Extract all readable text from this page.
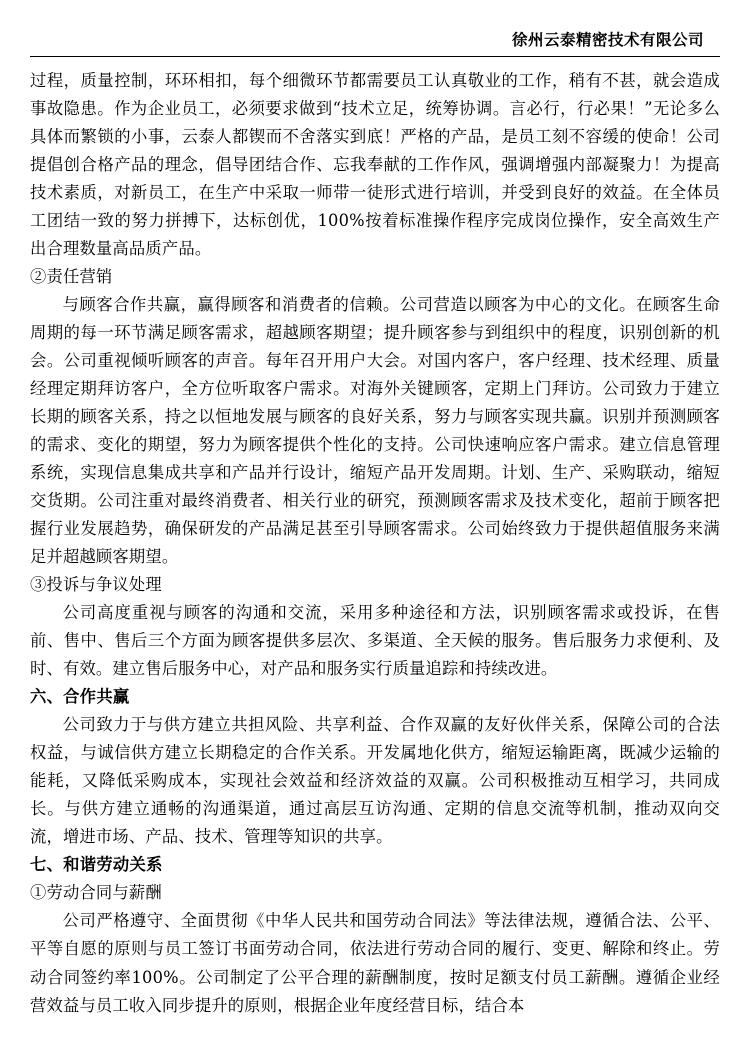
徐州云泰精密技术有限公司

过程，质量控制，环环相扣，每个细微环节都需要员工认真敬业的工作，稍有不甚，就会造成事故隐患。作为企业员工，必须要求做到“技术立足，统筹协调。言必行，行必果！”无论多么具体而繁锁的小事，云泰人都锲而不舍落实到底！严格的产品，是员工刻不容缓的使命！公司提倡创合格产品的理念，倡导团结合作、忘我奉献的工作作风，强调增强内部凝聚力！为提高技术素质，对新员工，在生产中采取一师带一徒形式进行培训，并受到良好的效益。在全体员工团结一致的努力拼搏下，达标创优，100%按着标准操作程序完成岗位操作，安全高效生产出合理数量高品质产品。

②责任营销

与顾客合作共赢，赢得顾客和消费者的信赖。公司营造以顾客为中心的文化。在顾客生命周期的每一环节满足顾客需求，超越顾客期望；提升顾客参与到组织中的程度，识别创新的机会。公司重视倾听顾客的声音。每年召开用户大会。对国内客户，客户经理、技术经理、质量经理定期拜访客户，全方位听取客户需求。对海外关键顾客，定期上门拜访。公司致力于建立长期的顾客关系，持之以恒地发展与顾客的良好关系，努力与顾客实现共赢。识别并预测顾客的需求、变化的期望，努力为顾客提供个性化的支持。公司快速响应客户需求。建立信息管理系统，实现信息集成共享和产品并行设计，缩短产品开发周期。计划、生产、采购联动，缩短交货期。公司注重对最终消费者、相关行业的研究，预测顾客需求及技术变化，超前于顾客把握行业发展趋势，确保研发的产品满足甚至引导顾客需求。公司始终致力于提供超值服务来满足并超越顾客期望。

③投诉与争议处理

公司高度重视与顾客的沟通和交流，采用多种途径和方法，识别顾客需求或投诉，在售前、售中、售后三个方面为顾客提供多层次、多渠道、全天候的服务。售后服务力求便利、及时、有效。建立售后服务中心，对产品和服务实行质量追踪和持续改进。

六、合作共赢

公司致力于与供方建立共担风险、共享利益、合作双赢的友好伙伴关系，保障公司的合法权益，与诚信供方建立长期稳定的合作关系。开发属地化供方，缩短运输距离，既减少运输的能耗，又降低采购成本，实现社会效益和经济效益的双赢。公司积极推动互相学习，共同成长。与供方建立通畅的沟通渠道，通过高层互访沟通、定期的信息交流等机制，推动双向交流，增进市场、产品、技术、管理等知识的共享。

七、和谐劳动关系

①劳动合同与薪酬

公司严格遵守、全面贯彻《中华人民共和国劳动合同法》等法律法规，遵循合法、公平、平等自愿的原则与员工签订书面劳动合同，依法进行劳动合同的履行、变更、解除和终止。劳动合同签约率100%。公司制定了公平合理的薪酬制度，按时足额支付员工薪酬。遵循企业经营效益与员工收入同步提升的原则，根据企业年度经营目标，结合本
